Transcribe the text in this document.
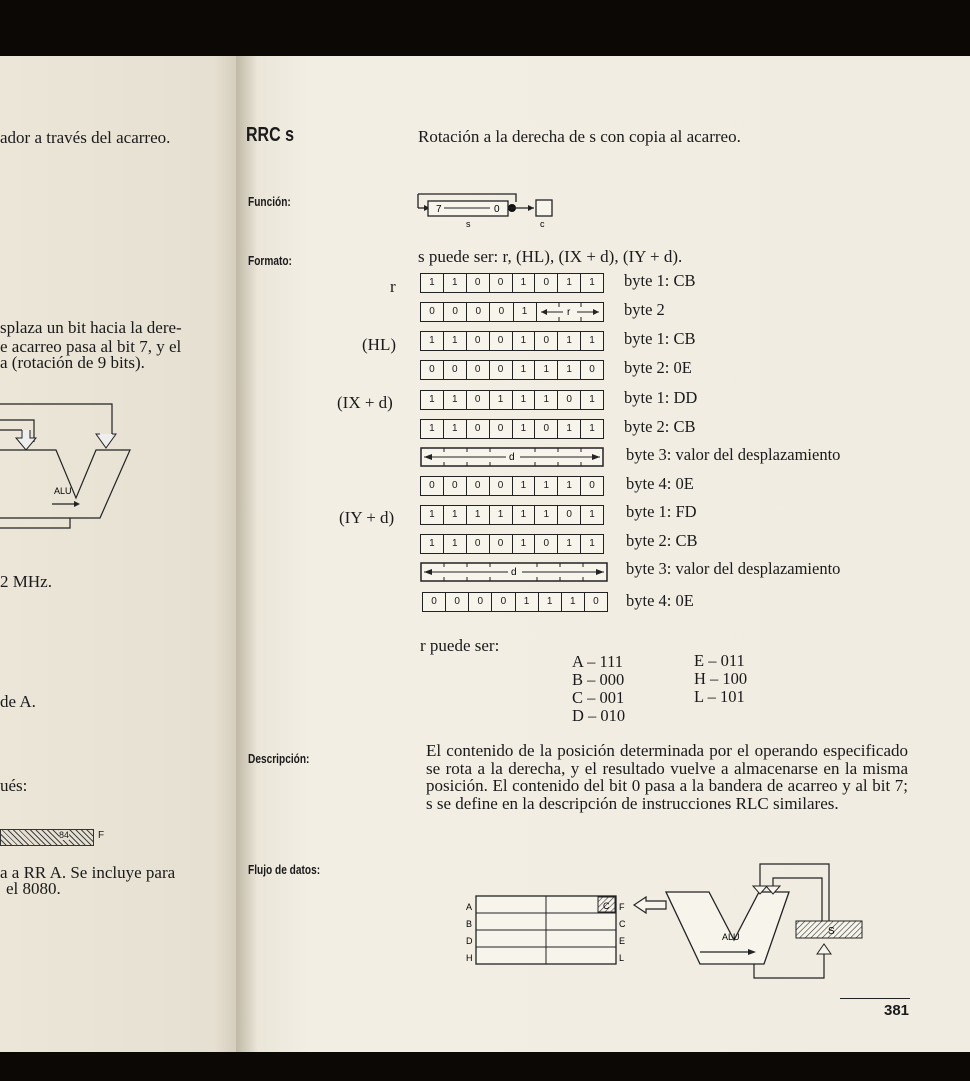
ador a través del acarreo.
splaza un bit hacia la dere-
e acarreo pasa al bit 7, y el
a (rotación de 9 bits).
ALU
2 MHz.
de A.
ués:
84	F
a a RR A. Se incluye para
el 8080.
RRC s	Rotación a la derecha de s con copia al acarreo.
Función:
Formato:
Descripción:
Flujo de datos:
7	0
s	c
s puede ser: r, (HL), (IX + d), (IY + d).
r
(HL)
(IX + d)
(IY + d)
1	1	0	0	1	0	1	1	byte 1: CB
0	0	0	0	1	r	byte 2
1	1	0	0	1	0	1	1	byte 1: CB
0	0	0	0	1	1	1	0	byte 2: 0E
1	1	0	1	1	1	0	1	byte 1: DD
1	1	0	0	1	0	1	1	byte 2: CB
d	byte 3: valor del desplazamiento
0	0	0	0	1	1	1	0	byte 4: 0E
1	1	1	1	1	1	0	1	byte 1: FD
1	1	0	0	1	0	1	1	byte 2: CB
d	byte 3: valor del desplazamiento
0	0	0	0	1	1	1	0	byte 4: 0E
r puede ser:
A – 111
B – 000
C – 001
D – 010
E – 011
H – 100
L – 101
El contenido de la posición determinada por el operando especificado se rota a la derecha, y el resultado vuelve a almacenarse en la misma posición. El contenido del bit 0 pasa a la bandera de acarreo y al bit 7; s se define en la descripción de instrucciones RLC similares.
A
B
D
H
F
C
E
L
C
ALU	S
381
